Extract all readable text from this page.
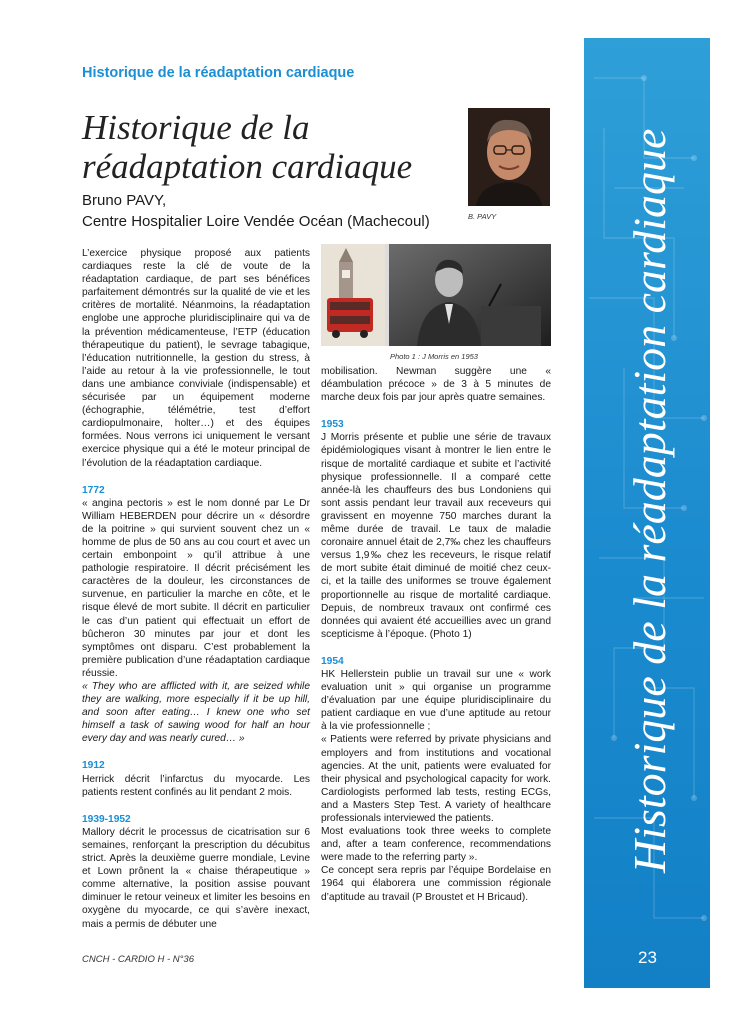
Historique de la réadaptation cardiaque
23
Historique de la réadaptation cardiaque
Historique de la
réadaptation cardiaque
Bruno PAVY,
Centre Hospitalier Loire Vendée Océan (Machecoul)	B. PAVY
Photo 1 : J Morris en 1953

L’exercice physique proposé aux patients cardiaques reste la clé de voute de la réadaptation cardiaque, de part ses bénéfices parfaitement démontrés sur la qualité de vie et les critères de mortalité. Néanmoins, la réadaptation englobe une approche pluridisciplinaire qui va de la prévention médicamenteuse, l’ETP (éducation thérapeutique du patient), le sevrage tabagique, l’éducation nutritionnelle, la gestion du stress, à l’aide au retour à la vie professionnelle, le tout dans une ambiance conviviale (indispensable) et sécurisée par un équipement moderne (échographie, télémétrie, test d’effort cardiopulmonaire, holter…) et des équipes formées. Nous verrons ici uniquement le versant exercice physique qui a été le moteur principal de l’évolution de la réadaptation cardiaque.

1772

« angina pectoris » est le nom donné par Le Dr William HEBERDEN pour décrire un « désordre de la poitrine » qui survient souvent chez un « homme de plus de 50 ans au cou court et avec un certain embonpoint » qu’il attribue à une pathologie respiratoire. Il décrit précisément les caractères de la douleur, les circonstances de survenue, en particulier la marche en côte, et le risque élevé de mort subite. Il décrit en particulier le cas d’un patient qui effectuait un effort de bûcheron 30 minutes par jour et dont les symptômes ont disparu. C’est probablement la première publication d’une réadaptation cardiaque réussie.

« They who are afflicted with it, are seized while they are walking, more especially if it be up hill, and soon after eating… I knew one who set himself a task of sawing wood for half an hour every day and was nearly cured… »

1912

Herrick décrit l’infarctus du myocarde. Les patients restent confinés au lit pendant 2 mois.

1939-1952

Mallory décrit le processus de cicatrisation sur 6 semaines, renforçant la prescription du décubitus strict. Après la deuxième guerre mondiale, Levine et Lown prônent la « chaise thérapeutique » comme alternative, la position assise pouvant diminuer le retour veineux et limiter les besoins en oxygène du myocarde, ce qui s’avère inexact, mais a permis de débuter une

mobilisation. Newman suggère une « déambulation précoce » de 3 à 5 minutes de marche deux fois par jour après quatre semaines.

1953

J Morris présente et publie une série de travaux épidémiologiques visant à montrer le lien entre le risque de mortalité cardiaque et subite et l’activité physique professionnelle. Il a comparé cette année-là les chauffeurs des bus Londoniens qui sont assis pendant leur travail aux receveurs qui gravissent en moyenne 750 marches durant la même durée de travail. Le taux de maladie coronaire annuel était de 2,7‰ chez les chauffeurs versus 1,9‰ chez les receveurs, le risque relatif de mort subite était diminué de moitié chez ceux-ci, et la taille des uniformes se trouve également proportionnelle au risque de mortalité cardiaque. Depuis, de nombreux travaux ont confirmé ces données qui avaient été accueillies avec un grand scepticisme à l’époque. (Photo 1)

1954

HK Hellerstein publie un travail sur une « work evaluation unit » qui organise un programme d’évaluation par une équipe pluridisciplinaire du patient cardiaque en vue d’une aptitude au retour à la vie professionnelle ;

« Patients were referred by private physicians and employers and from institutions and vocational agencies. At the unit, patients were evaluated for their physical and psychological capacity for work. Cardiologists performed lab tests, resting ECGs, and a Masters Step Test. A variety of healthcare professionals interviewed the patients.

Most evaluations took three weeks to complete and, after a team conference, recommendations were made to the referring party ».

Ce concept sera repris par l’équipe Bordelaise en 1964 qui élaborera une commission régionale d’aptitude au travail (P Broustet et H Bricaud).

CNCH - CARDIO H - N°36
